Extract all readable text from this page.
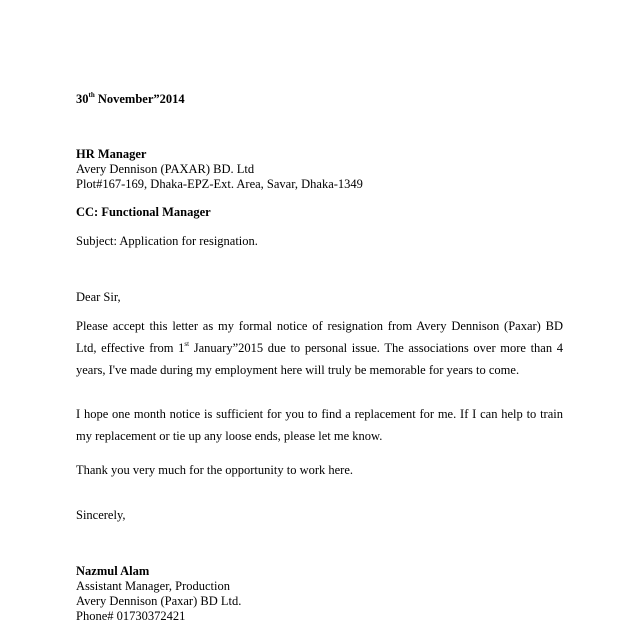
30th November”2014
HR Manager
Avery Dennison (PAXAR) BD. Ltd
Plot#167-169, Dhaka-EPZ-Ext. Area, Savar, Dhaka-1349
CC: Functional Manager
Subject: Application for resignation.
Dear Sir,
Please accept this letter as my formal notice of resignation from Avery Dennison (Paxar) BD
Ltd, effective from 1st January”2015 due to personal issue. The associations over more than 4
years, I've made during my employment here will truly be memorable for years to come.
I hope one month notice is sufficient for you to find a replacement for me. If I can help to train
my replacement or tie up any loose ends, please let me know.
Thank you very much for the opportunity to work here.
Sincerely,
Nazmul Alam
Assistant Manager, Production
Avery Dennison (Paxar) BD Ltd.
Phone# 01730372421
